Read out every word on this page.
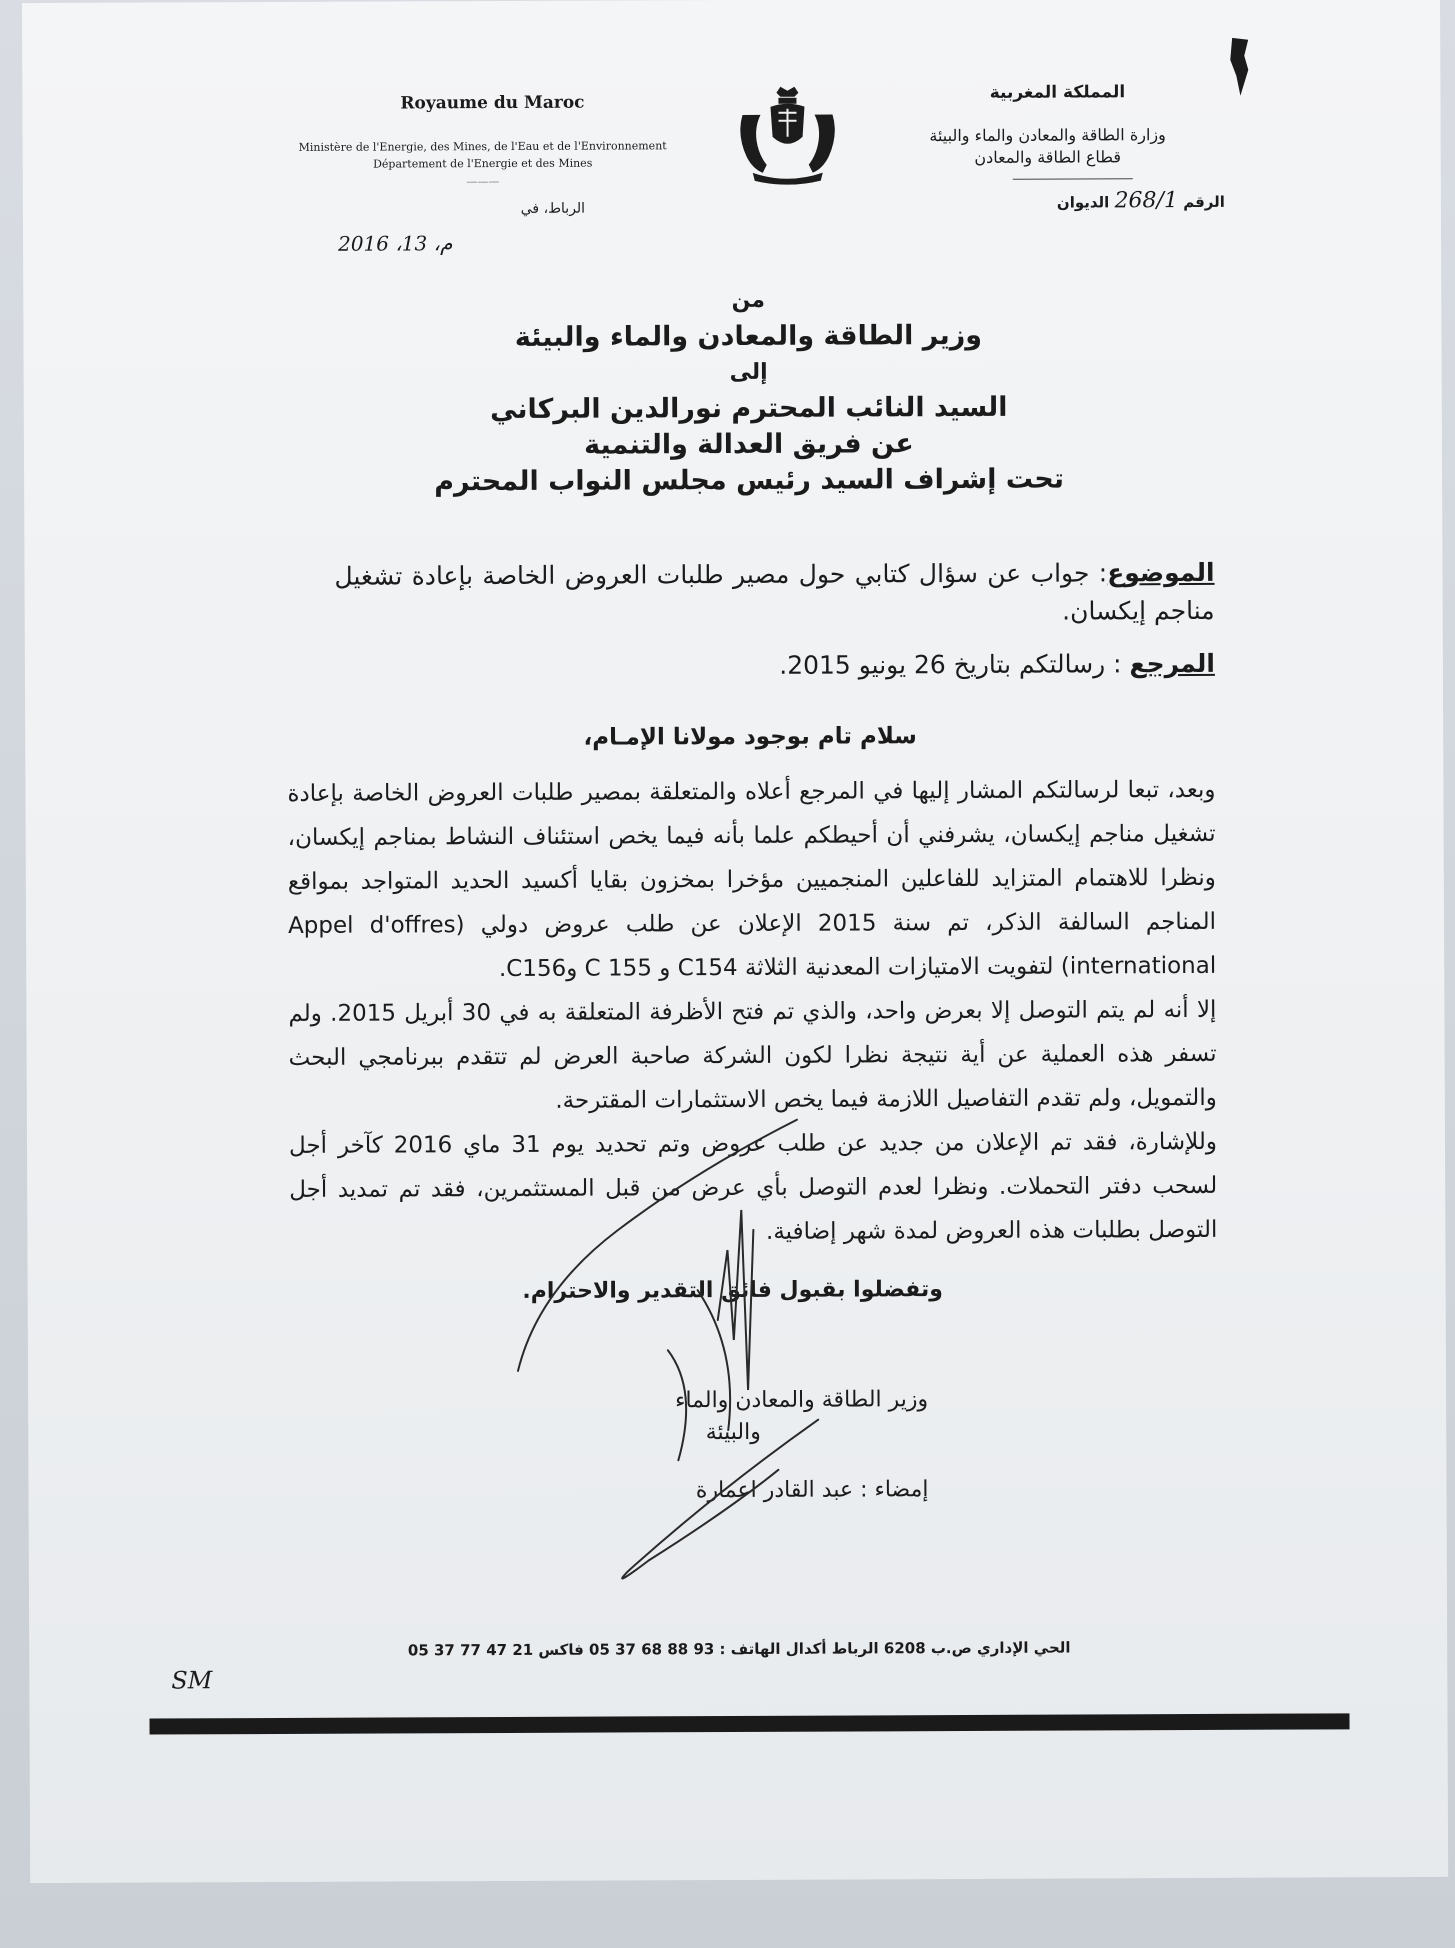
Royaume du Maroc
Ministère de l'Energie, des Mines, de l'Eau et de l'Environnement
Département de l'Energie et des Mines
———
الرباط، في
2016 ،م، 13
المملكة المغربية
وزارة الطاقة والمعادن والماء والبيئة
قطاع الطاقة والمعادن
الرقم 268/1 الديوان
من
وزير الطاقة والمعادن والماء والبيئة
إلى
السيد النائب المحترم نورالدين البركاني
عن فريق العدالة والتنمية
تحت إشراف السيد رئيس مجلس النواب المحترم
الموضوع: جواب عن سؤال كتابي حول مصير طلبات العروض الخاصة بإعادة تشغيل مناجم إيكسان.
المرجع : رسالتكم بتاريخ 26 يونيو 2015.
سلام تام بوجود مولانا الإمـام،
وبعد، تبعا لرسالتكم المشار إليها في المرجع أعلاه والمتعلقة بمصير طلبات العروض الخاصة بإعادة تشغيل مناجم إيكسان، يشرفني أن أحيطكم علما بأنه فيما يخص استئناف النشاط بمناجم إيكسان، ونظرا للاهتمام المتزايد للفاعلين المنجميين مؤخرا بمخزون بقايا أكسيد الحديد المتواجد بمواقع المناجم السالفة الذكر، تم سنة 2015 الإعلان عن طلب عروض دولي (Appel d'offres international) لتفويت الامتيازات المعدنية الثلاثة C154 و C 155 وC156.
إلا أنه لم يتم التوصل إلا بعرض واحد، والذي تم فتح الأظرفة المتعلقة به في 30 أبريل 2015. ولم تسفر هذه العملية عن أية نتيجة نظرا لكون الشركة صاحبة العرض لم تتقدم ببرنامجي البحث والتمويل، ولم تقدم التفاصيل اللازمة فيما يخص الاستثمارات المقترحة.
وللإشارة، فقد تم الإعلان من جديد عن طلب عروض وتم تحديد يوم 31 ماي 2016 كآخر أجل لسحب دفتر التحملات. ونظرا لعدم التوصل بأي عرض من قبل المستثمرين، فقد تم تمديد أجل التوصل بطلبات هذه العروض لمدة شهر إضافية.
وتفضلوا بقبول فائق التقدير والاحترام.
وزير الطاقة والمعادن والماء
والبيئة
إمضاء : عبد القادر اعمارة
الحي الإداري ص.ب 6208 الرباط أكدال الهاتف : 93 88 68 37 05 فاكس 21 47 77 37 05
SM
